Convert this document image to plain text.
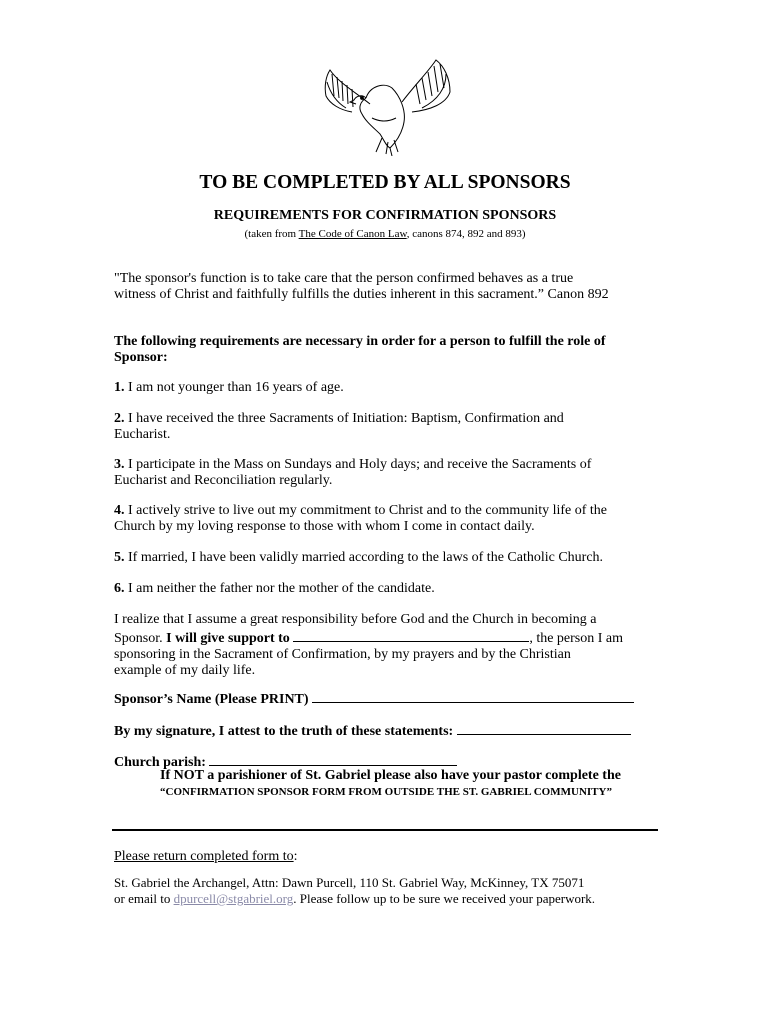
TO BE COMPLETED BY ALL SPONSORS
REQUIREMENTS FOR CONFIRMATION SPONSORS
(taken from The Code of Canon Law, canons 874, 892 and 893)
"The sponsor's function is to take care that the person confirmed behaves as a true
witness of Christ and faithfully fulfills the duties inherent in this sacrament.” Canon 892
The following requirements are necessary in order for a person to fulfill the role of
Sponsor:
1. I am not younger than 16 years of age.
2. I have received the three Sacraments of Initiation: Baptism, Confirmation and
Eucharist.
3. I participate in the Mass on Sundays and Holy days; and receive the Sacraments of
Eucharist and Reconciliation regularly.
4. I actively strive to live out my commitment to Christ and to the community life of the
Church by my loving response to those with whom I come in contact daily.
5. If married, I have been validly married according to the laws of the Catholic Church.
6. I am neither the father nor the mother of the candidate.
I realize that I assume a great responsibility before God and the Church in becoming a
Sponsor. I will give support to	, the person I am
sponsoring in the Sacrament of Confirmation, by my prayers and by the Christian
example of my daily life.
Sponsor’s Name (Please PRINT)
By my signature, I attest to the truth of these statements:
Church parish:
If NOT a parishioner of St. Gabriel please also have your pastor complete the
“CONFIRMATION SPONSOR FORM FROM OUTSIDE THE ST. GABRIEL COMMUNITY”
Please return completed form to:
St. Gabriel the Archangel, Attn: Dawn Purcell, 110 St. Gabriel Way, McKinney, TX 75071
or email to dpurcell@stgabriel.org. Please follow up to be sure we received your paperwork.
